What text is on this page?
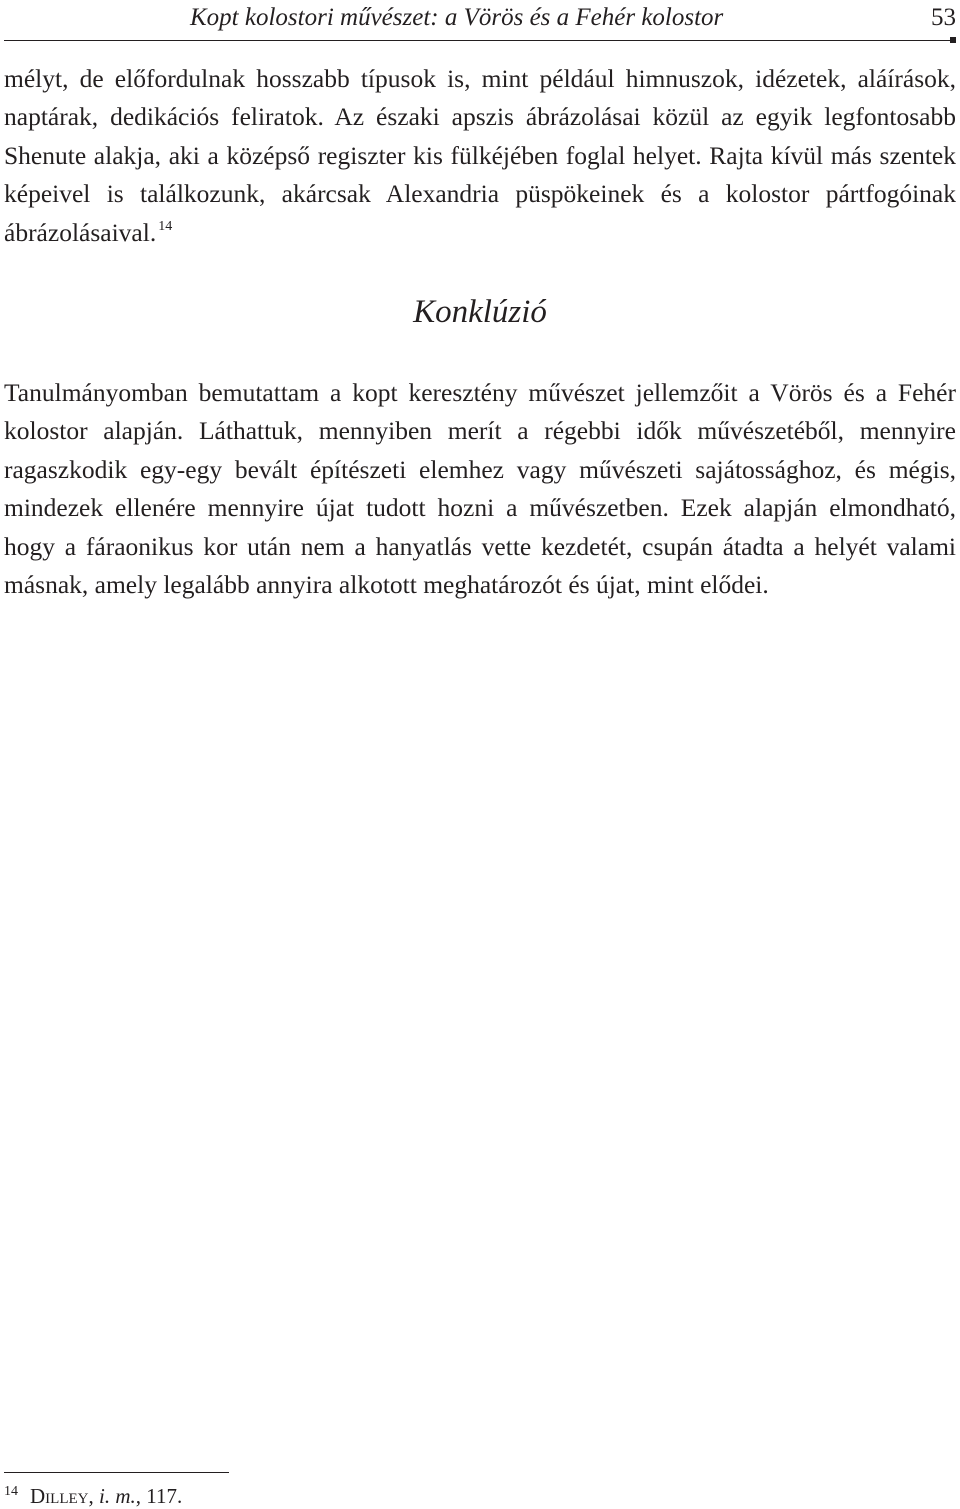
Kopt kolostori művészet: a Vörös és a Fehér kolostor	53

mélyt, de előfordulnak hosszabb típusok is, mint például himnuszok, idézetek, aláírások, naptárak, dedikációs feliratok. Az északi apszis ábrázolásai közül az egyik legfontosabb Shenute alakja, aki a középső regiszter kis fülkéjében foglal helyet. Rajta kívül más szentek képeivel is találkozunk, akárcsak Alexandria püspökeinek és a kolostor pártfogóinak ábrázolásaival. $^{14}$

Konklúzió

Tanulmányomban bemutattam a kopt keresztény művészet jellemzőit a Vörös és a Fehér kolostor alapján. Láthattuk, mennyiben merít a régebbi idők művészetéből, mennyire ragaszkodik egy-egy bevált építészeti elemhez vagy művészeti sajátossághoz, és mégis, mindezek ellenére mennyire újat tudott hozni a művészetben. Ezek alapján elmondható, hogy a fáraonikus kor után nem a hanyatlás vette kezdetét, csupán átadta a helyét valami másnak, amely legalább annyira alkotott meghatározót és újat, mint elődei.

$^{14}$ Dilley, i. m., 117.
